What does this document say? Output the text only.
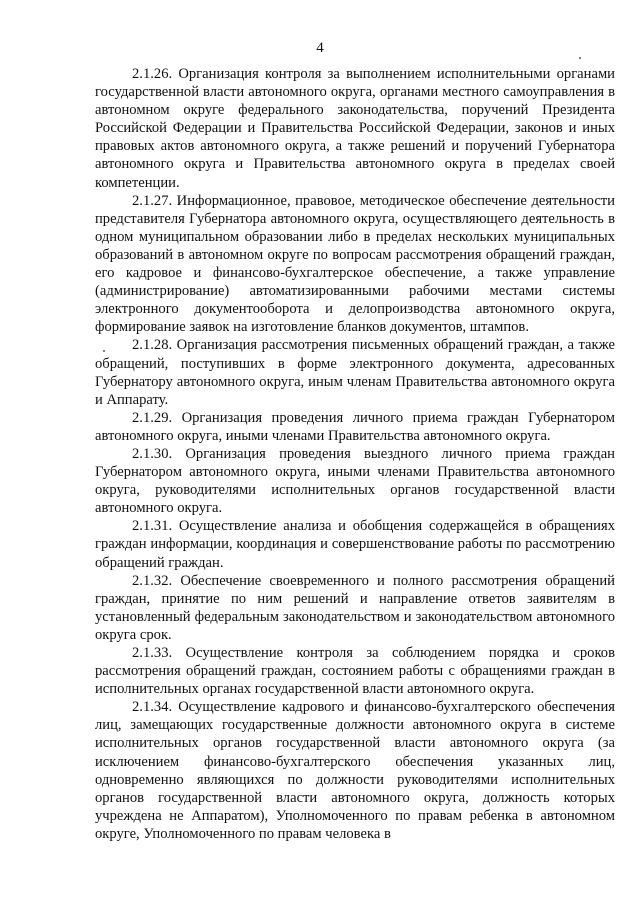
4

2.1.26. Организация контроля за выполнением исполнительными органами государственной власти автономного округа, органами местного самоуправления в автономном округе федерального законодательства, поручений Президента Российской Федерации и Правительства Российской Федерации, законов и иных правовых актов автономного округа, а также решений и поручений Губернатора автономного округа и Правительства автономного округа в пределах своей компетенции.

2.1.27. Информационное, правовое, методическое обеспечение деятельности представителя Губернатора автономного округа, осуществляющего деятельность в одном муниципальном образовании либо в пределах нескольких муниципальных образований в автономном округе по вопросам рассмотрения обращений граждан, его кадровое и финансово-бухгалтерское обеспечение, а также управление (администрирование) автоматизированными рабочими местами системы электронного документооборота и делопроизводства автономного округа, формирование заявок на изготовление бланков документов, штампов.

2.1.28. Организация рассмотрения письменных обращений граждан, а также обращений, поступивших в форме электронного документа, адресованных Губернатору автономного округа, иным членам Правительства автономного округа и Аппарату.

2.1.29. Организация проведения личного приема граждан Губернатором автономного округа, иными членами Правительства автономного округа.

2.1.30. Организация проведения выездного личного приема граждан Губернатором автономного округа, иными членами Правительства автономного округа, руководителями исполнительных органов государственной власти автономного округа.

2.1.31. Осуществление анализа и обобщения содержащейся в обращениях граждан информации, координация и совершенствование работы по рассмотрению обращений граждан.

2.1.32. Обеспечение своевременного и полного рассмотрения обращений граждан, принятие по ним решений и направление ответов заявителям в установленный федеральным законодательством и законодательством автономного округа срок.

2.1.33. Осуществление контроля за соблюдением порядка и сроков рассмотрения обращений граждан, состоянием работы с обращениями граждан в исполнительных органах государственной власти автономного округа.

2.1.34. Осуществление кадрового и финансово-бухгалтерского обеспечения лиц, замещающих государственные должности автономного округа в системе исполнительных органов государственной власти автономного округа (за исключением финансово-бухгалтерского обеспечения указанных лиц, одновременно являющихся по должности руководителями исполнительных органов государственной власти автономного округа, должность которых учреждена не Аппаратом), Уполномоченного по правам ребенка в автономном округе, Уполномоченного по правам человека в
